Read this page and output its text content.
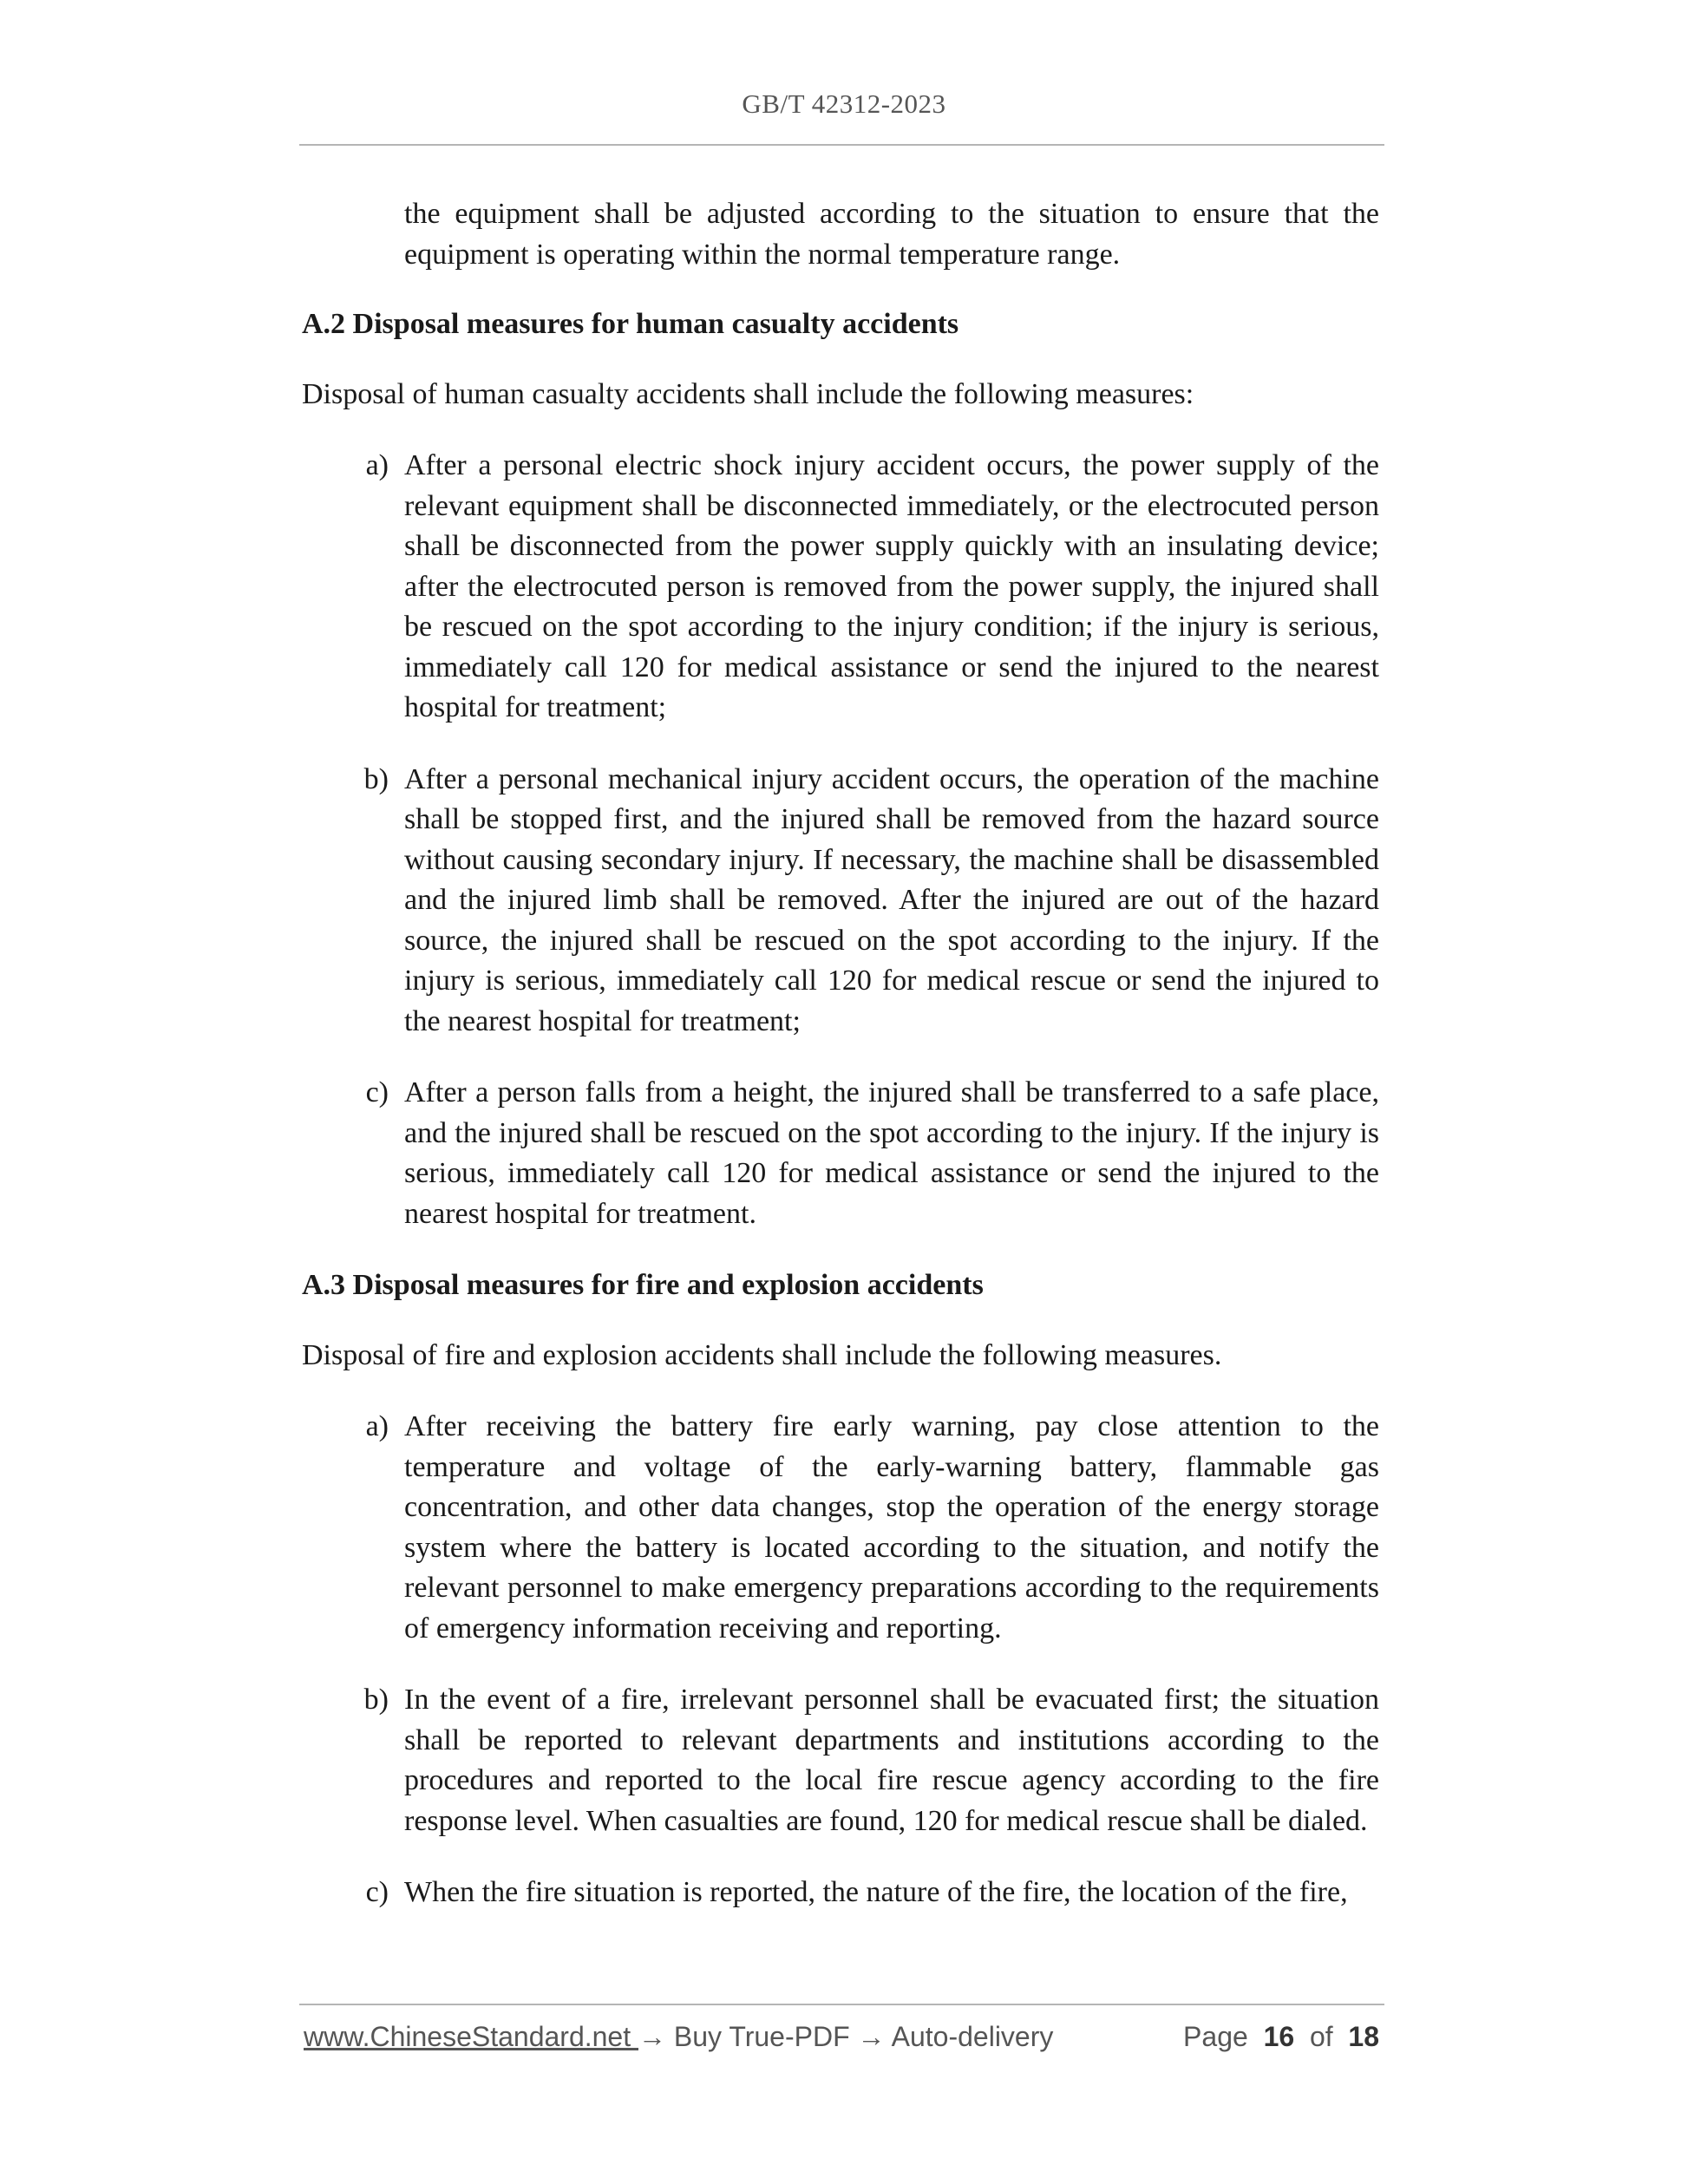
GB/T 42312-2023

the equipment shall be adjusted according to the situation to ensure that the equipment is operating within the normal temperature range.

A.2 Disposal measures for human casualty accidents

Disposal of human casualty accidents shall include the following measures:

a) After a personal electric shock injury accident occurs, the power supply of the relevant equipment shall be disconnected immediately, or the electrocuted person shall be disconnected from the power supply quickly with an insulating device; after the electrocuted person is removed from the power supply, the injured shall be rescued on the spot according to the injury condition; if the injury is serious, immediately call 120 for medical assistance or send the injured to the nearest hospital for treatment;
b) After a personal mechanical injury accident occurs, the operation of the machine shall be stopped first, and the injured shall be removed from the hazard source without causing secondary injury. If necessary, the machine shall be disassembled and the injured limb shall be removed. After the injured are out of the hazard source, the injured shall be rescued on the spot according to the injury. If the injury is serious, immediately call 120 for medical rescue or send the injured to the nearest hospital for treatment;
c) After a person falls from a height, the injured shall be transferred to a safe place, and the injured shall be rescued on the spot according to the injury. If the injury is serious, immediately call 120 for medical assistance or send the injured to the nearest hospital for treatment.

A.3 Disposal measures for fire and explosion accidents

Disposal of fire and explosion accidents shall include the following measures.

a) After receiving the battery fire early warning, pay close attention to the temperature and voltage of the early-warning battery, flammable gas concentration, and other data changes, stop the operation of the energy storage system where the battery is located according to the situation, and notify the relevant personnel to make emergency preparations according to the requirements of emergency information receiving and reporting.
b) In the event of a fire, irrelevant personnel shall be evacuated first; the situation shall be reported to relevant departments and institutions according to the procedures and reported to the local fire rescue agency according to the fire response level. When casualties are found, 120 for medical rescue shall be dialed.
c) When the fire situation is reported, the nature of the fire, the location of the fire,
www.ChineseStandard.net → Buy True-PDF → Auto-delivery	Page 16 of 18
